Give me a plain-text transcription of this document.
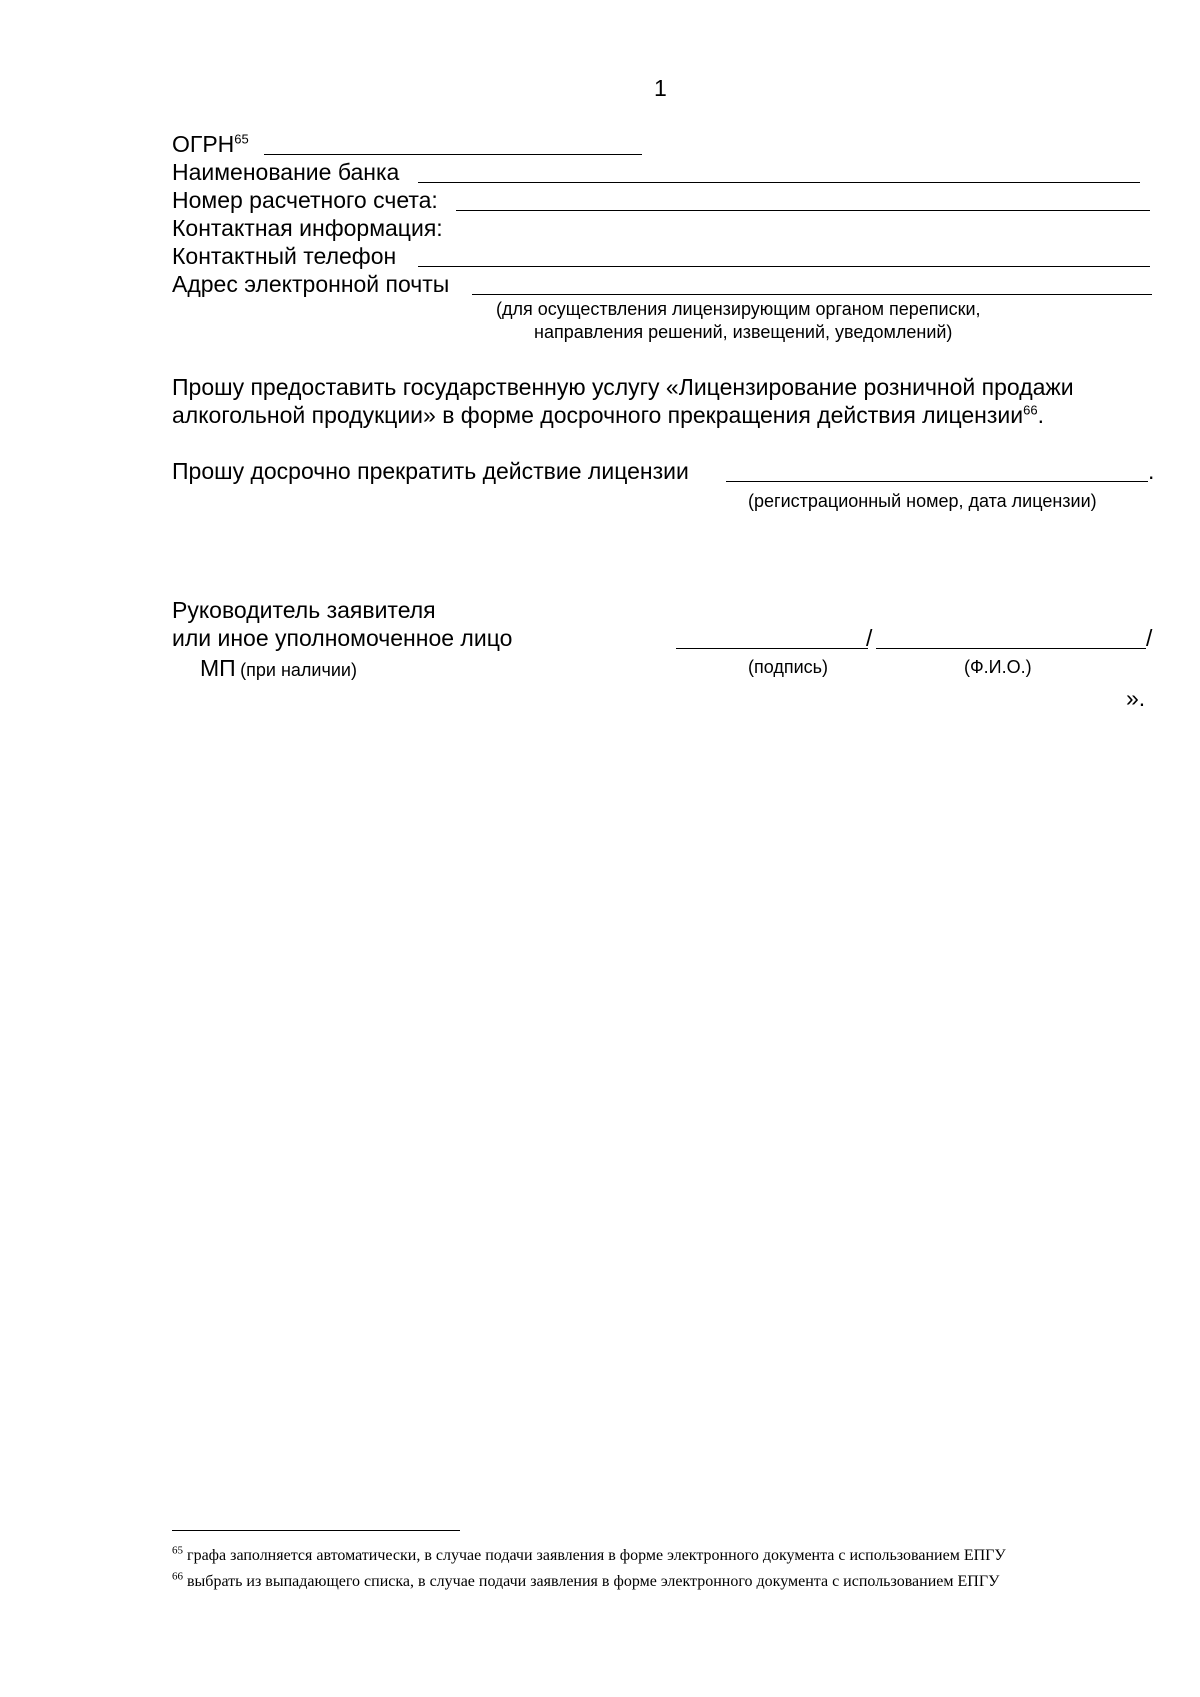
1
ОГРН$^{65}$
Наименование банка
Номер расчетного счета:
Контактная информация:
Контактный телефон
Адрес электронной почты
(для осуществления лицензирующим органом переписки,
направления решений, извещений, уведомлений)
Прошу предоставить государственную услугу «Лицензирование розничной продажи
алкогольной продукции» в форме досрочного прекращения действия лицензии$^{66}$.
Прошу досрочно прекратить действие лицензии	.
(регистрационный номер, дата лицензии)
Руководитель заявителя
или иное уполномоченное лицо	/	/
МП (при наличии)	(подпись)	(Ф.И.О.)
».
$^{65}$ графа заполняется автоматически, в случае подачи заявления в форме электронного документа с использованием ЕПГУ
$^{66}$ выбрать из выпадающего списка, в случае подачи заявления в форме электронного документа с использованием ЕПГУ
